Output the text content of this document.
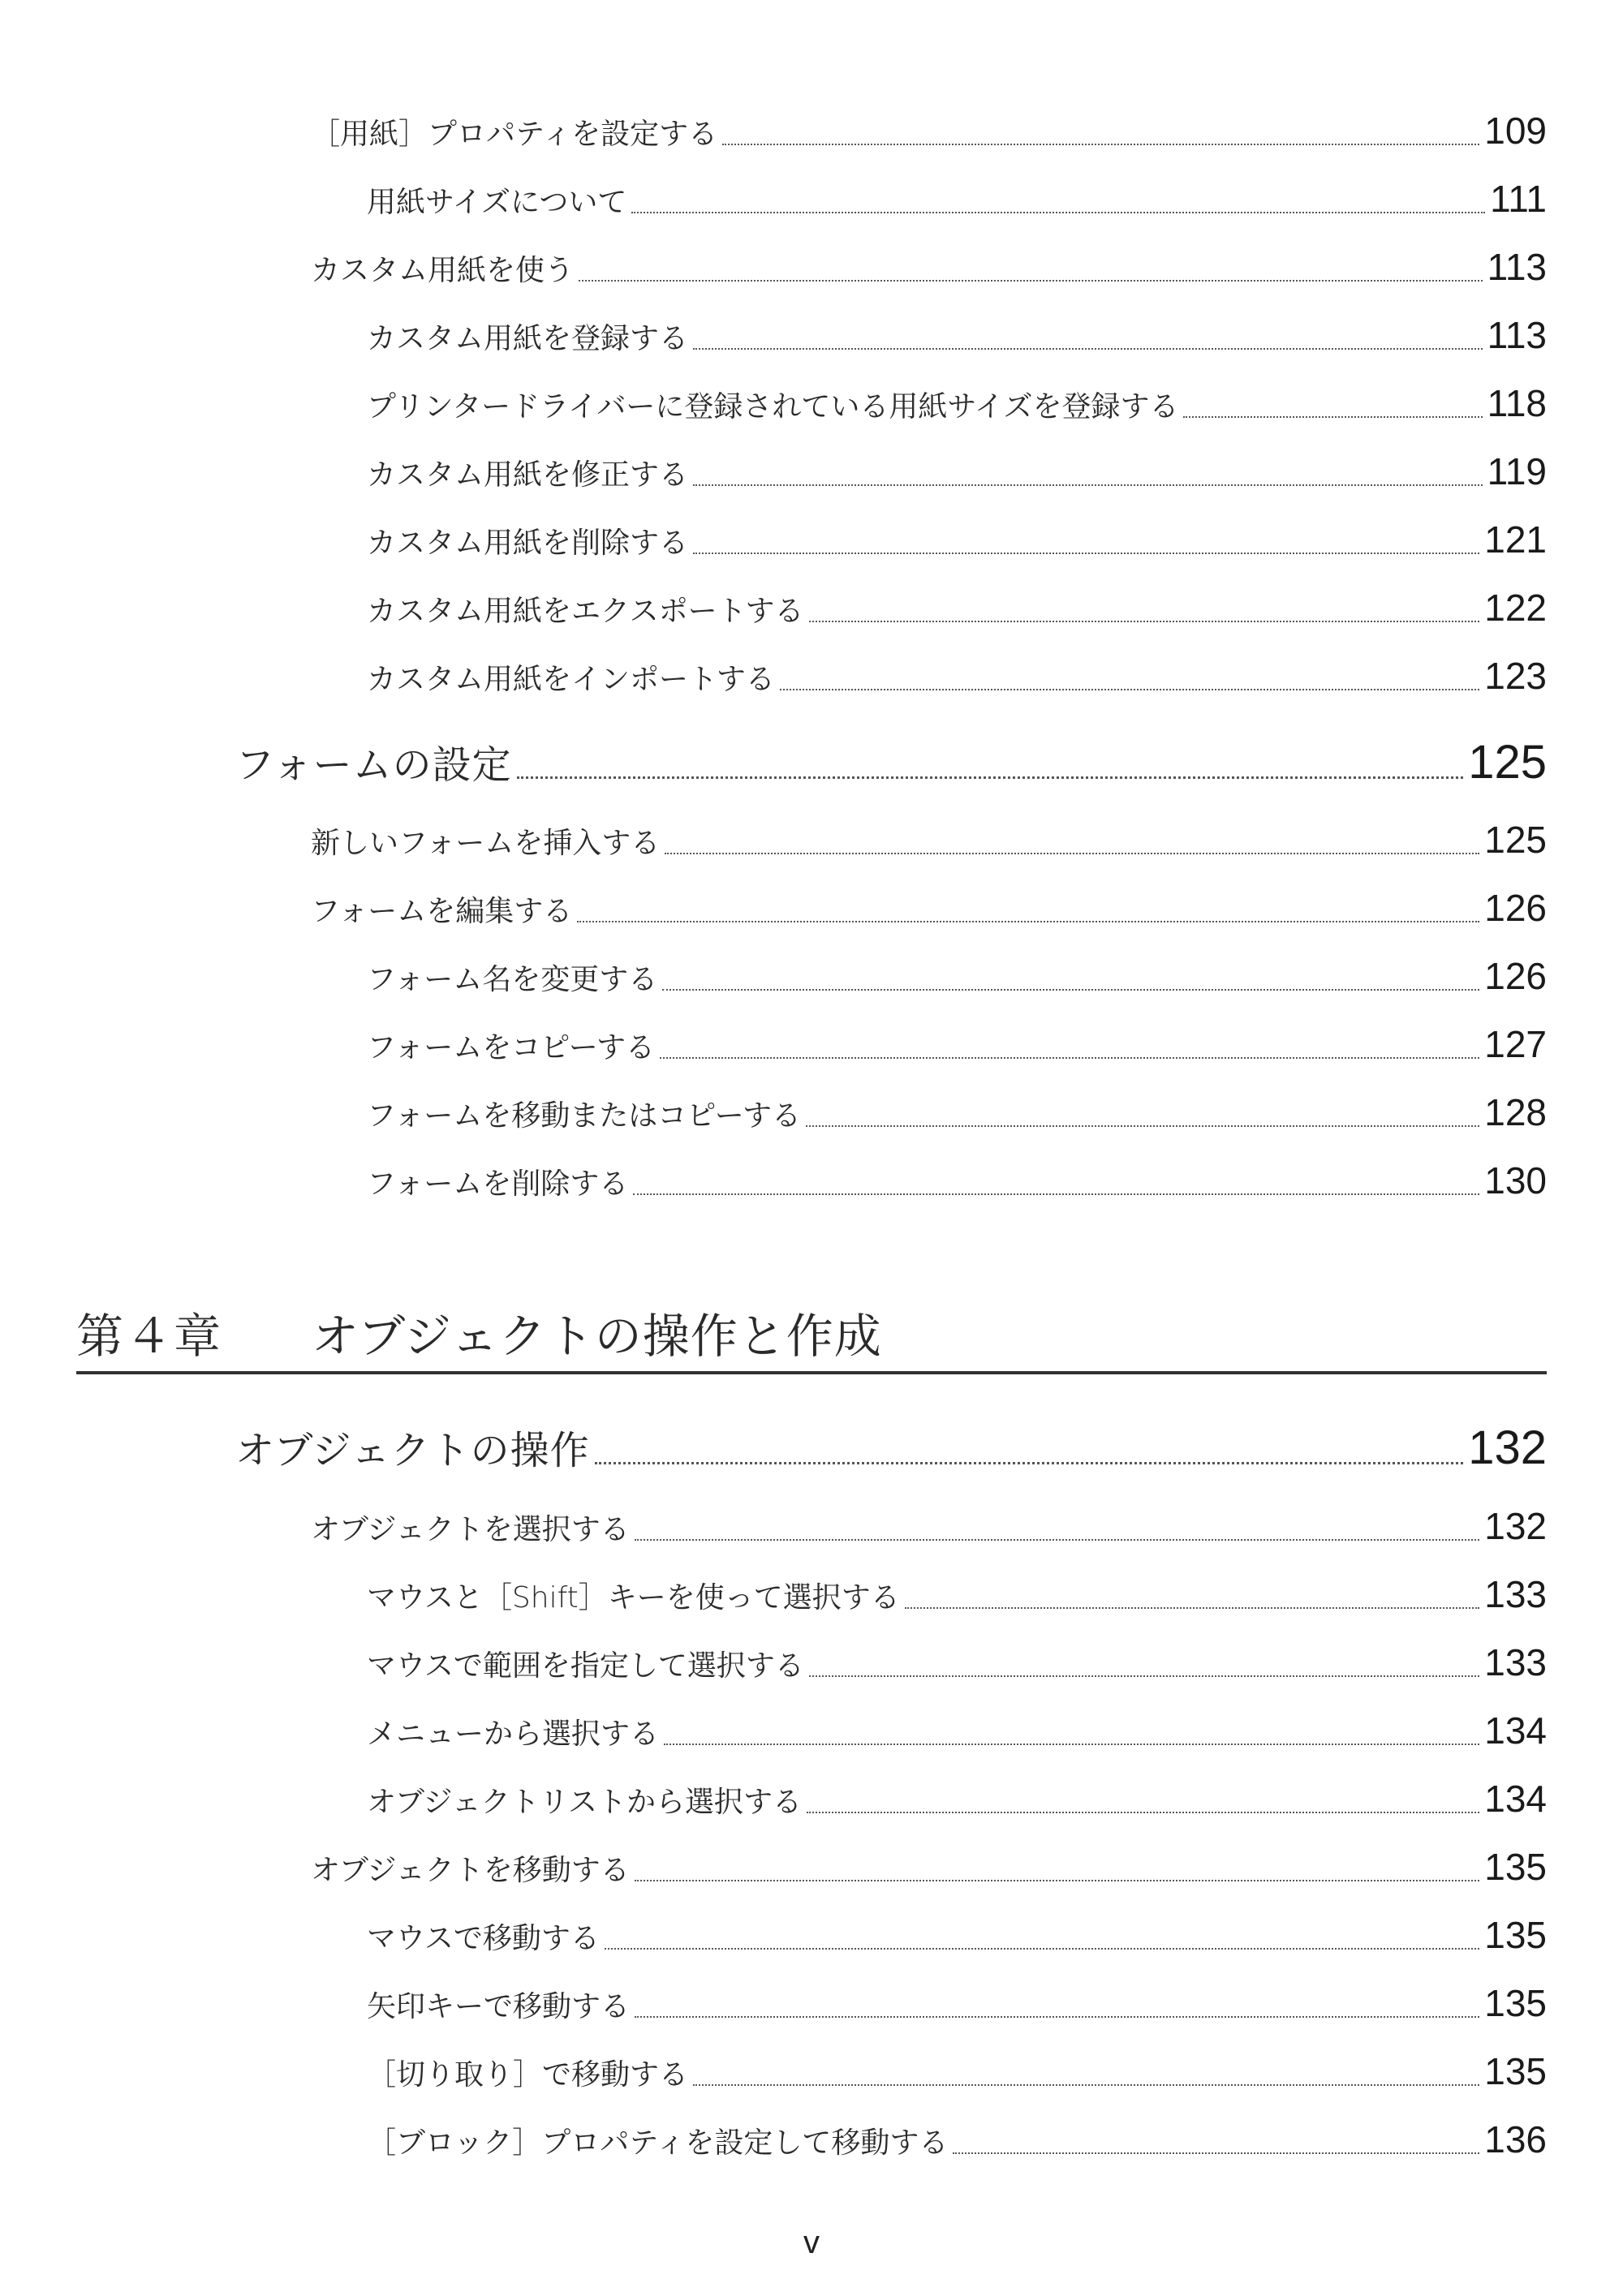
［用紙］プロパティを設定する	109
用紙サイズについて	111
カスタム用紙を使う	113
カスタム用紙を登録する	113
プリンタードライバーに登録されている用紙サイズを登録する	118
カスタム用紙を修正する	119
カスタム用紙を削除する	121
カスタム用紙をエクスポートする	122
カスタム用紙をインポートする	123
フォームの設定	125
新しいフォームを挿入する	125
フォームを編集する	126
フォーム名を変更する	126
フォームをコピーする	127
フォームを移動またはコピーする	128
フォームを削除する	130
第４章	オブジェクトの操作と作成
オブジェクトの操作	132
オブジェクトを選択する	132
マウスと［Shift］キーを使って選択する	133
マウスで範囲を指定して選択する	133
メニューから選択する	134
オブジェクトリストから選択する	134
オブジェクトを移動する	135
マウスで移動する	135
矢印キーで移動する	135
［切り取り］で移動する	135
［ブロック］プロパティを設定して移動する	136
v
